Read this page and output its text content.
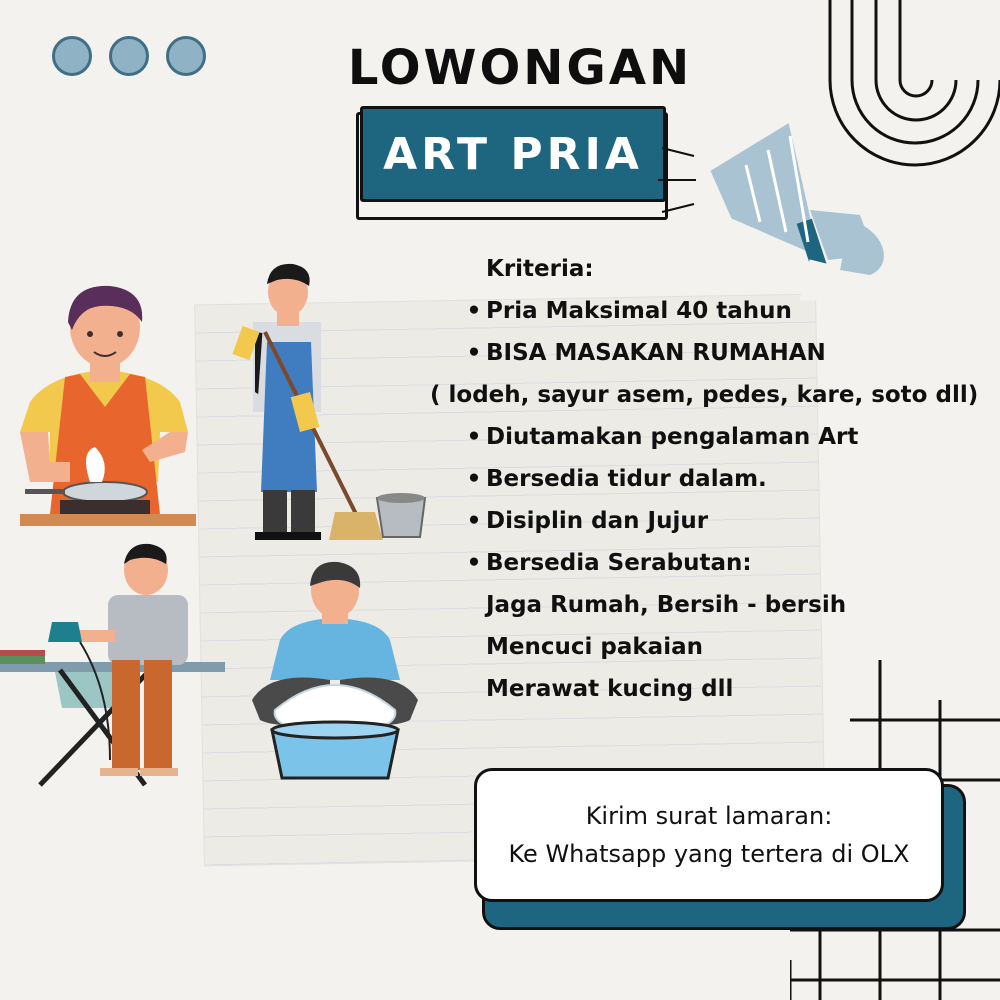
LOWONGAN
ART PRIA
Kriteria:
• Pria Maksimal 40 tahun
• BISA MASAKAN RUMAHAN
( lodeh, sayur asem, pedes, kare, soto dll)
• Diutamakan pengalaman Art
• Bersedia tidur dalam.
• Disiplin dan Jujur
• Bersedia Serabutan:
Jaga Rumah, Bersih - bersih
Mencuci pakaian
Merawat kucing dll
Kirim surat lamaran:
Ke Whatsapp yang tertera di OLX
